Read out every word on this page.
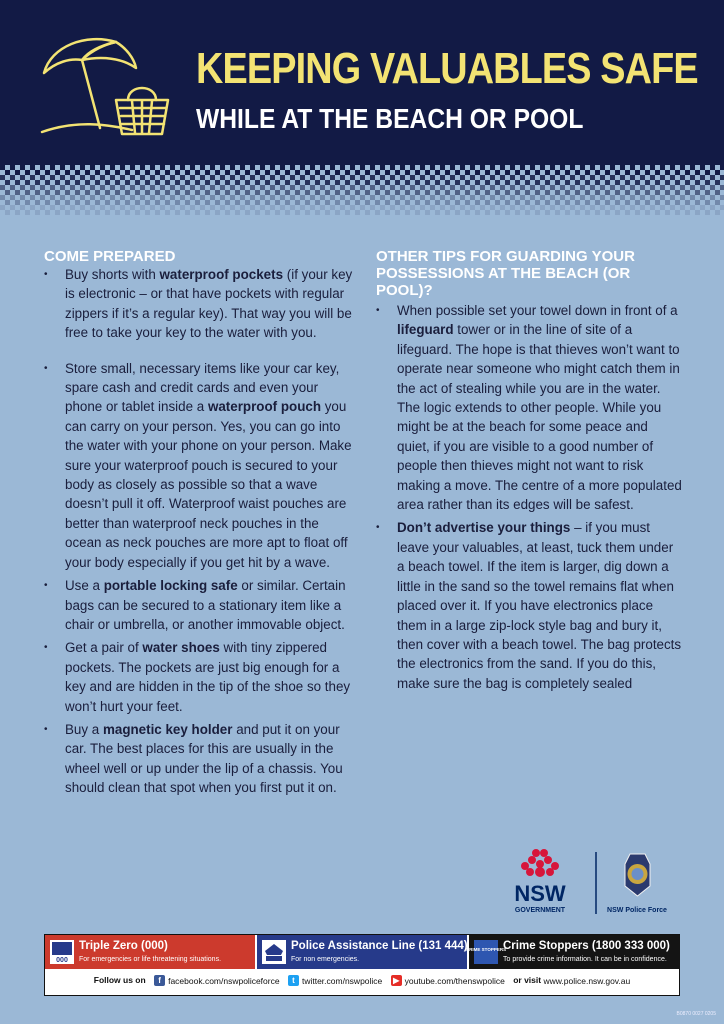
KEEPING VALUABLES SAFE
WHILE AT THE BEACH OR POOL
COME PREPARED
• Buy shorts with waterproof pockets (if your key is electronic – or that have pockets with regular zippers if it’s a regular key). That way you will be free to take your key to the water with you.
• Store small, necessary items like your car key, spare cash and credit cards and even your phone or tablet inside a waterproof pouch you can carry on your person. Yes, you can go into the water with your phone on your person. Make sure your waterproof pouch is secured to your body as closely as possible so that a wave doesn’t pull it off. Waterproof waist pouches are better than waterproof neck pouches in the ocean as neck pouches are more apt to float off your body especially if you get hit by a wave.
• Use a portable locking safe or similar. Certain bags can be secured to a stationary item like a chair or umbrella, or another immovable object.
• Get a pair of water shoes with tiny zippered pockets. The pockets are just big enough for a key and are hidden in the tip of the shoe so they won’t hurt your feet.
• Buy a magnetic key holder and put it on your car. The best places for this are usually in the wheel well or up under the lip of a chassis. You should clean that spot when you first put it on.
OTHER TIPS FOR GUARDING YOUR POSSESSIONS AT THE BEACH (OR POOL)?
• When possible set your towel down in front of a lifeguard tower or in the line of site of a lifeguard. The hope is that thieves won’t want to operate near someone who might catch them in the act of stealing while you are in the water.
The logic extends to other people. While you might be at the beach for some peace and quiet, if you are visible to a good number of people then thieves might not want to risk making a move. The centre of a more populated area rather than its edges will be safest.
• Don’t advertise your things – if you must leave your valuables, at least, tuck them under a beach towel. If the item is larger, dig down a little in the sand so the towel remains flat when placed over it. If you have electronics place them in a large zip-lock style bag and bury it, then cover with a beach towel. The bag protects the electronics from the sand. If you do this, make sure the bag is completely sealed
NSW
GOVERNMENT	NSW Police Force
000
Triple Zero (000)
For emergencies or life threatening situations.
Police Assistance Line (131 444)
For non emergencies.
CRIME STOPPERS
Crime Stoppers (1800 333 000)
To provide crime information. It can be in confidence.
Follow us on f facebook.com/nswpoliceforce t twitter.com/nswpolice ▶ youtube.com/thenswpolice or visit www.police.nsw.gov.au
B0870 0027 0205
